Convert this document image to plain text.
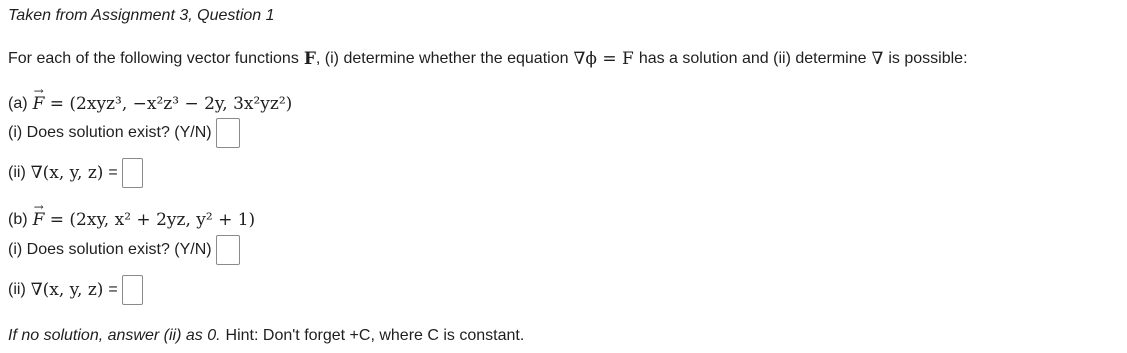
Taken from Assignment 3, Question 1
For each of the following vector functions F , (i) determine whether the equation ∇ϕ = F has a solution and (ii) determine ∇ is possible:
(a) F
→
= (2xyz³, −x²z³ − 2y, 3x²yz²)
(i) Does solution exist? (Y/N)
(ii) ∇(x, y, z) =
(b) F
→
= (2xy, x² + 2yz, y² + 1)
(i) Does solution exist? (Y/N)
(ii) ∇(x, y, z) =
If no solution, answer (ii) as 0. Hint: Don't forget +C, where C is constant.
